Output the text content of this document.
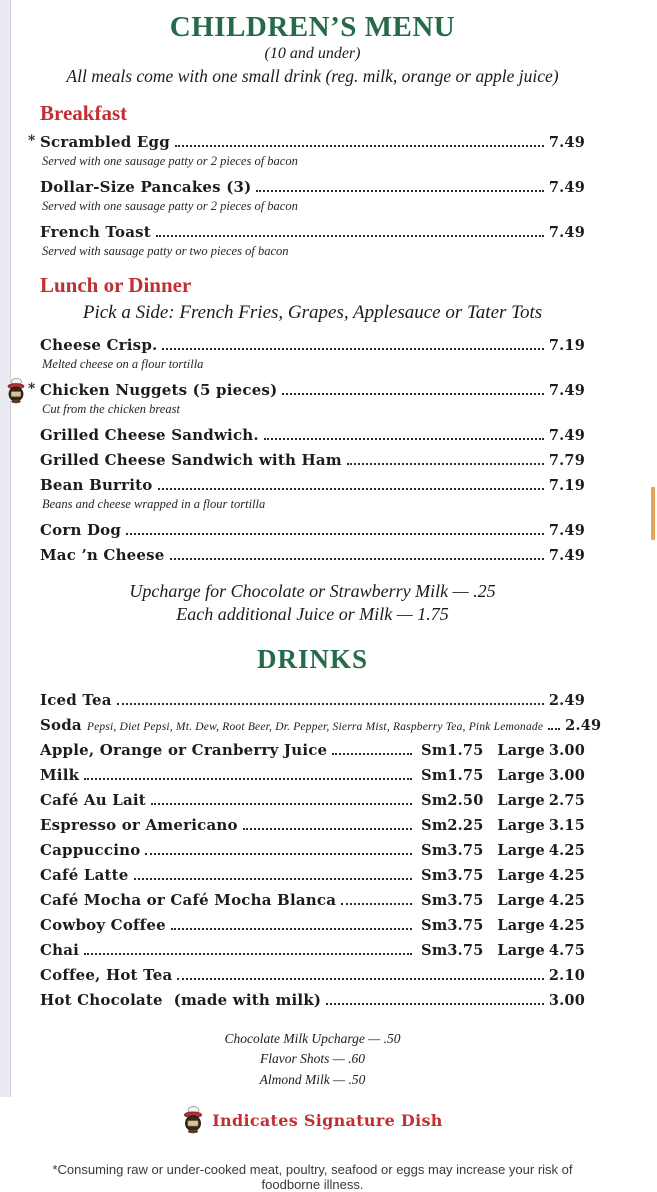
CHILDREN’S MENU
(10 and under)
All meals come with one small drink (reg. milk, orange or apple juice)
Breakfast
* Scrambled Egg	7.49
Served with one sausage patty or 2 pieces of bacon
Dollar-Size Pancakes (3)	7.49
Served with one sausage patty or 2 pieces of bacon
French Toast	7.49
Served with sausage patty or two pieces of bacon
Lunch or Dinner
Pick a Side: French Fries, Grapes, Applesauce or Tater Tots
Cheese Crisp.	7.19
Melted cheese on a flour tortilla
* Chicken Nuggets (5 pieces)	7.49
Cut from the chicken breast
Grilled Cheese Sandwich.	7.49
Grilled Cheese Sandwich with Ham	7.79
Bean Burrito	7.19
Beans and cheese wrapped in a flour tortilla
Corn Dog	7.49
Mac ’n Cheese	7.49
Upcharge for Chocolate or Strawberry Milk — .25
Each additional Juice or Milk — 1.75
DRINKS
Iced Tea	2.49
Soda Pepsi, Diet Pepsi, Mt. Dew, Root Beer, Dr. Pepper, Sierra Mist, Raspberry Tea, Pink Lemonade 2.49
Apple, Orange or Cranberry Juice	Sm 1.75 Large 3.00
Milk	Sm 1.75 Large 3.00
Café Au Lait	Sm 2.50 Large 2.75
Espresso or Americano	Sm 2.25 Large 3.15
Cappuccino	Sm 3.75 Large 4.25
Café Latte	Sm 3.75 Large 4.25
Café Mocha or Café Mocha Blanca	Sm 3.75 Large 4.25
Cowboy Coffee	Sm 3.75 Large 4.25
Chai	Sm 3.75 Large 4.75
Coffee, Hot Tea	2.10
Hot Chocolate  (made with milk)	3.00
Chocolate Milk Upcharge — .50
Flavor Shots — .60
Almond Milk — .50
Indicates Signature Dish
*Consuming raw or under-cooked meat, poultry, seafood or eggs may increase your risk of foodborne illness.
